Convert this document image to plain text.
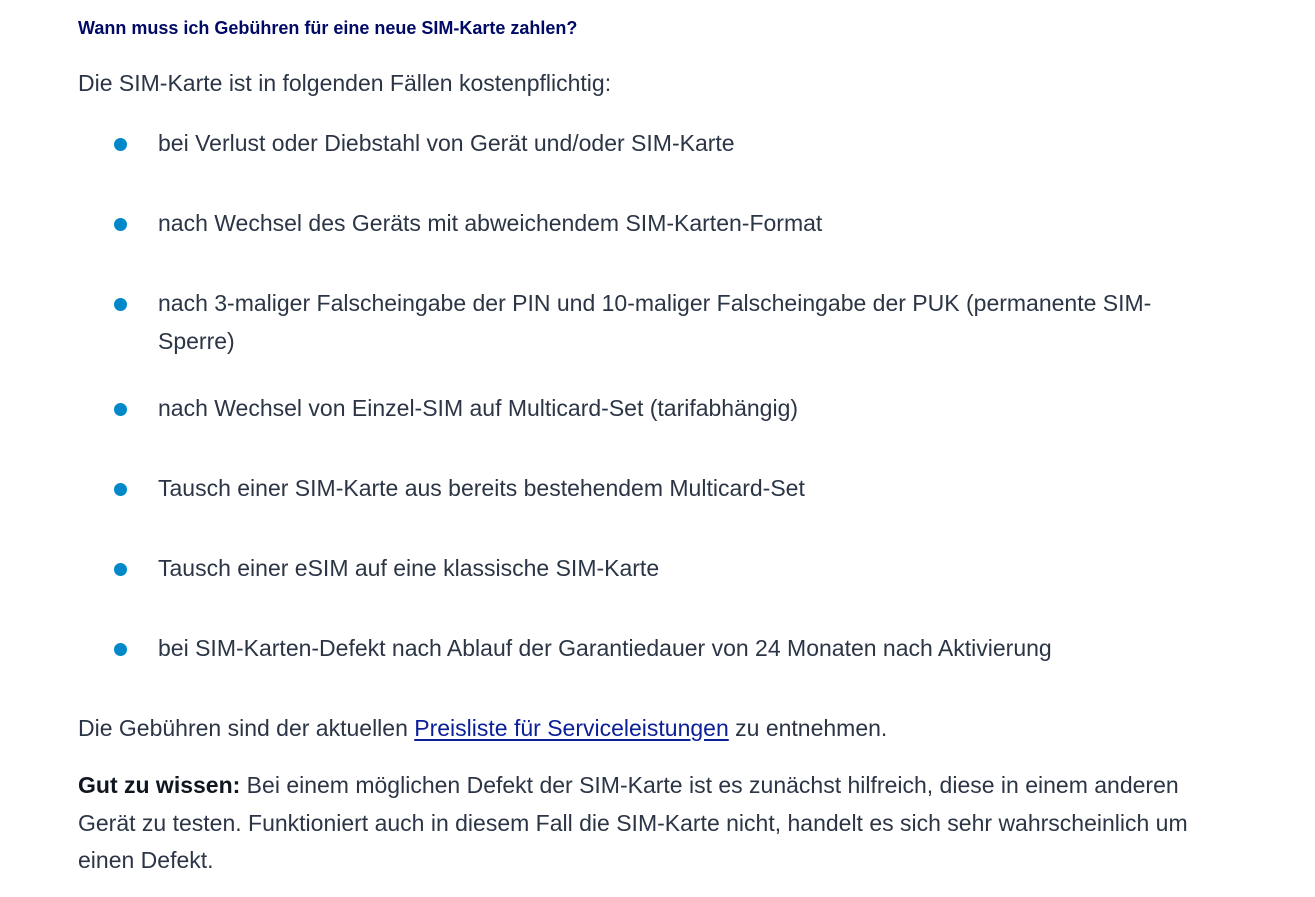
Wann muss ich Gebühren für eine neue SIM-Karte zahlen?

Die SIM-Karte ist in folgenden Fällen kostenpflichtig:

bei Verlust oder Diebstahl von Gerät und/oder SIM-Karte
nach Wechsel des Geräts mit abweichendem SIM-Karten-Format
nach 3-maliger Falscheingabe der PIN und 10-maliger Falscheingabe der PUK (permanente SIM-Sperre)
nach Wechsel von Einzel-SIM auf Multicard-Set (tarifabhängig)
Tausch einer SIM-Karte aus bereits bestehendem Multicard-Set
Tausch einer eSIM auf eine klassische SIM-Karte
bei SIM-Karten-Defekt nach Ablauf der Garantiedauer von 24 Monaten nach Aktivierung

Die Gebühren sind der aktuellen Preisliste für Serviceleistungen zu entnehmen.

Gut zu wissen: Bei einem möglichen Defekt der SIM-Karte ist es zunächst hilfreich, diese in einem anderen Gerät zu testen. Funktioniert auch in diesem Fall die SIM-Karte nicht, handelt es sich sehr wahrscheinlich um einen Defekt.
